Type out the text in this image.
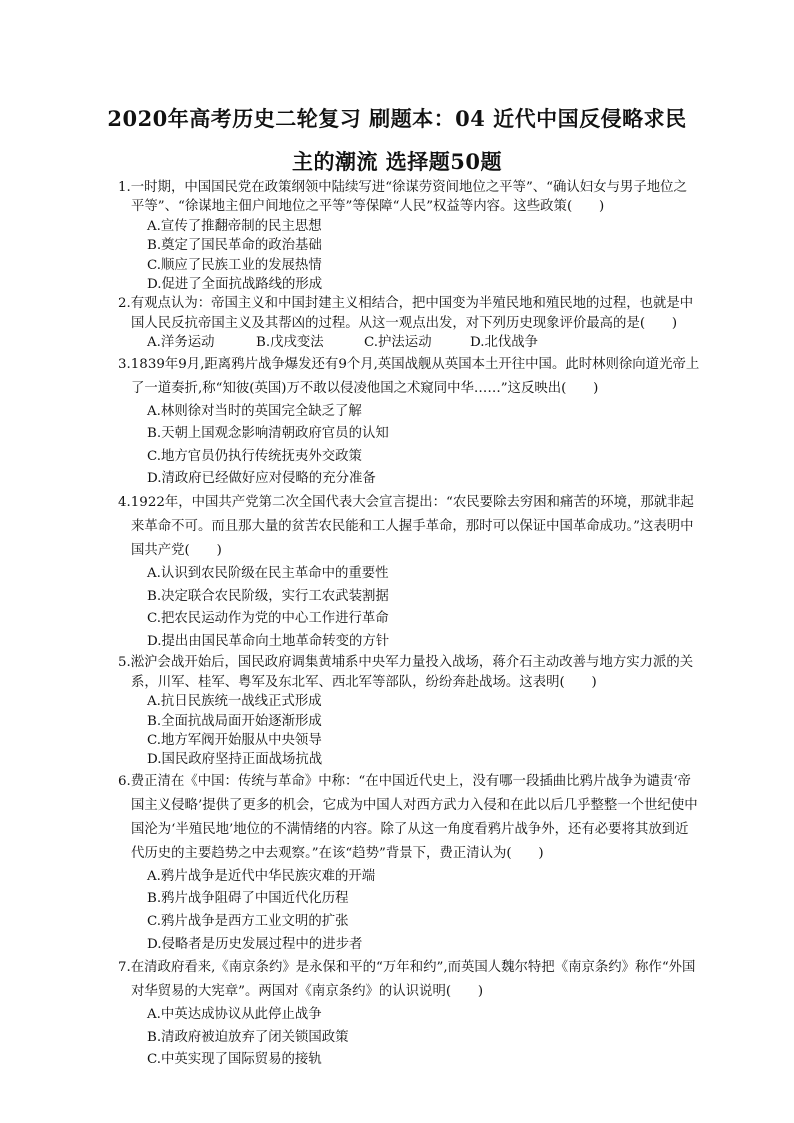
2020年高考历史二轮复习 刷题本：04 近代中国反侵略求民
主的潮流 选择题50题

1.一时期，中国国民党在政策纲领中陆续写进“徐谋劳资间地位之平等”、“确认妇女与男子地位之平等”、“徐谋地主佃户间地位之平等”等保障“人民”权益等内容。这些政策(　　)

A.宣传了推翻帝制的民主思想

B.奠定了国民革命的政治基础

C.顺应了民族工业的发展热情

D.促进了全面抗战路线的形成

2.有观点认为：帝国主义和中国封建主义相结合，把中国变为半殖民地和殖民地的过程，也就是中国人民反抗帝国主义及其帮凶的过程。从这一观点出发，对下列历史现象评价最高的是(　　)

A.洋务运动	B.戊戌变法	C.护法运动	D.北伐战争

3.1839年9月,距离鸦片战争爆发还有9个月,英国战舰从英国本土开往中国。此时林则徐向道光帝上了一道奏折,称“知彼(英国)万不敢以侵凌他国之术窥同中华……”这反映出(　　)

A.林则徐对当时的英国完全缺乏了解

B.天朝上国观念影响清朝政府官员的认知

C.地方官员仍执行传统抚夷外交政策

D.清政府已经做好应对侵略的充分准备

4.1922年，中国共产党第二次全国代表大会宣言提出：“农民要除去穷困和痛苦的环境，那就非起来革命不可。而且那大量的贫苦农民能和工人握手革命，那时可以保证中国革命成功。”这表明中国共产党(　　)

A.认识到农民阶级在民主革命中的重要性

B.决定联合农民阶级，实行工农武装割据

C.把农民运动作为党的中心工作进行革命

D.提出由国民革命向土地革命转变的方针

5.淞沪会战开始后，国民政府调集黄埔系中央军力量投入战场，蒋介石主动改善与地方实力派的关系，川军、桂军、粤军及东北军、西北军等部队，纷纷奔赴战场。这表明(　　)

A.抗日民族统一战线正式形成

B.全面抗战局面开始逐渐形成

C.地方军阀开始服从中央领导

D.国民政府坚持正面战场抗战

6.费正清在《中国：传统与革命》中称：“在中国近代史上，没有哪一段插曲比鸦片战争为谴责‘帝国主义侵略’提供了更多的机会，它成为中国人对西方武力入侵和在此以后几乎整整一个世纪使中国沦为‘半殖民地’地位的不满情绪的内容。除了从这一角度看鸦片战争外，还有必要将其放到近代历史的主要趋势之中去观察。”在该“趋势”背景下，费正清认为(　　)

A.鸦片战争是近代中华民族灾难的开端

B.鸦片战争阻碍了中国近代化历程

C.鸦片战争是西方工业文明的扩张

D.侵略者是历史发展过程中的进步者

7.在清政府看来,《南京条约》是永保和平的“万年和约”,而英国人魏尔特把《南京条约》称作“外国对华贸易的大宪章”。两国对《南京条约》的认识说明(　　)

A.中英达成协议从此停止战争

B.清政府被迫放弃了闭关锁国政策

C.中英实现了国际贸易的接轨
